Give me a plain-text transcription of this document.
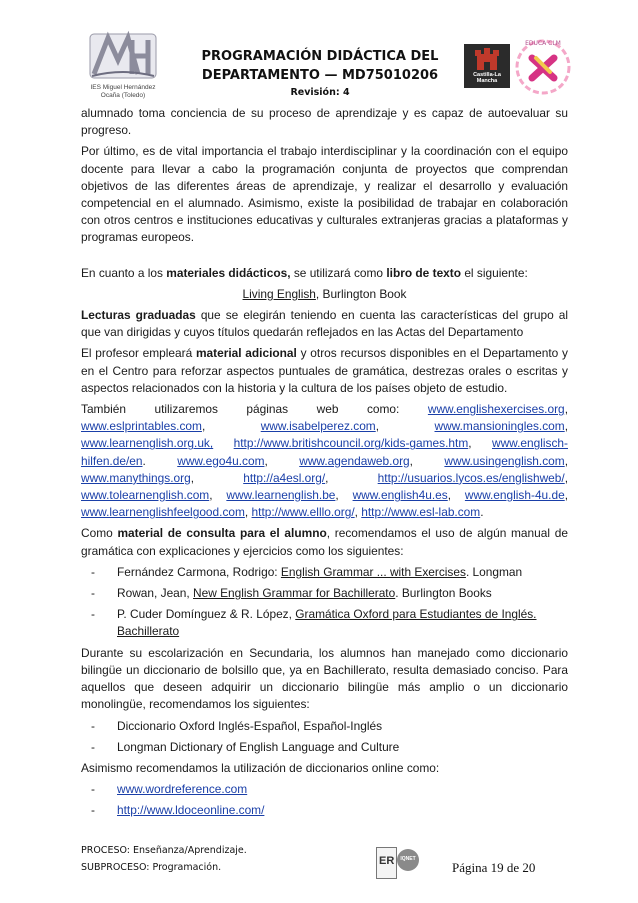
IES Miguel Hernández
Ocaña (Toledo)
PROGRAMACIÓN DIDÁCTICA DEL
DEPARTAMENTO — MD75010206
Revisión: 4
Castilla-La Mancha
EDUCA CLM

alumnado toma conciencia de su proceso de aprendizaje y es capaz de autoevaluar su progreso.

Por último, es de vital importancia el trabajo interdisciplinar y la coordinación con el equipo docente para llevar a cabo la programación conjunta de proyectos que comprendan objetivos de las diferentes áreas de aprendizaje, y realizar el desarrollo y evaluación competencial en el alumnado. Asimismo, existe la posibilidad de trabajar en colaboración con otros centros e instituciones educativas y culturales extranjeras gracias a plataformas y programas europeos.

En cuanto a los materiales didácticos, se utilizará como libro de texto el siguiente:

Living English, Burlington Book

Lecturas graduadas que se elegirán teniendo en cuenta las características del grupo al que van dirigidas y cuyos títulos quedarán reflejados en las Actas del Departamento

El profesor empleará material adicional y otros recursos disponibles en el Departamento y en el Centro para reforzar aspectos puntuales de gramática, destrezas orales o escritas y aspectos relacionados con la historia y la cultura de los países objeto de estudio.

También utilizaremos páginas web como: www.englishexercises.org, www.eslprintables.com, www.isabelperez.com, www.mansioningles.com, www.learnenglish.org.uk, http://www.britishcouncil.org/kids-games.htm, www.englisch-hilfen.de/en. www.ego4u.com, www.agendaweb.org, www.usingenglish.com, www.manythings.org, http://a4esl.org/, http://usuarios.lycos.es/englishweb/, www.tolearnenglish.com, www.learnenglish.be, www.english4u.es, www.english-4u.de, www.learnenglishfeelgood.com, http://www.elllo.org/, http://www.esl-lab.com.

Como material de consulta para el alumno, recomendamos el uso de algún manual de gramática con explicaciones y ejercicios como los siguientes:

- Fernández Carmona, Rodrigo: English Grammar ... with Exercises. Longman
- Rowan, Jean, New English Grammar for Bachillerato. Burlington Books
- P. Cuder Domínguez & R. López, Gramática Oxford para Estudiantes de Inglés. Bachillerato

Durante su escolarización en Secundaria, los alumnos han manejado como diccionario bilingüe un diccionario de bolsillo que, ya en Bachillerato, resulta demasiado conciso. Para aquellos que deseen adquirir un diccionario bilingüe más amplio o un diccionario monolingüe, recomendamos los siguientes:

- Diccionario Oxford Inglés-Español, Español-Inglés
- Longman Dictionary of English Language and Culture

Asimismo recomendamos la utilización de diccionarios online como:

- www.wordreference.com
- http://www.ldoceonline.com/
PROCESO: Enseñanza/Aprendizaje.
SUBPROCESO: Programación.
ER	IQNET
Página 19 de 20
